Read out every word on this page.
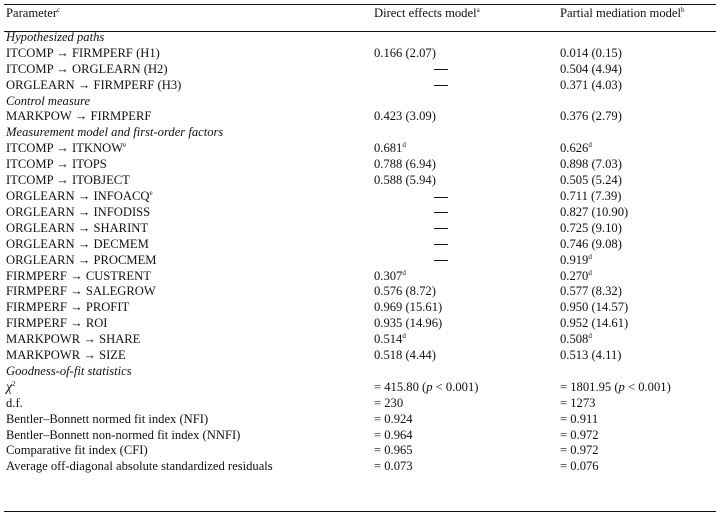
Parameter$^c$	Direct effects model$^a$	Partial mediation model$^b$

Hypothesized paths		
ITCOMP → FIRMPERF (H1)	0.166 (2.07)	0.014 (0.15)
ITCOMP → ORGLEARN (H2)		0.504 (4.94)
ORGLEARN → FIRMPERF (H3)		0.371 (4.03)
Control measure		
MARKPOW → FIRMPERF	0.423 (3.09)	0.376 (2.79)
Measurement model and first-order factors		
ITCOMP → $ITKNOW^e$	0.681$^d$	0.626$^d$
ITCOMP → ITOPS	0.788 (6.94)	0.898 (7.03)
ITCOMP → ITOBJECT	0.588 (5.94)	0.505 (5.24)
ORGLEARN → $INFOACQ^e$		0.711 (7.39)
ORGLEARN → INFODISS		0.827 (10.90)
ORGLEARN → SHARINT		0.725 (9.10)
ORGLEARN → DECMEM		0.746 (9.08)
ORGLEARN → PROCMEM		0.919$^d$
FIRMPERF → CUSTRENT	0.307$^d$	0.270$^d$
FIRMPERF → SALEGROW	0.576 (8.72)	0.577 (8.32)
FIRMPERF → PROFIT	0.969 (15.61)	0.950 (14.57)
FIRMPERF → ROI	0.935 (14.96)	0.952 (14.61)
MARKPOWR → SHARE	0.514$^d$	0.508$^d$
MARKPOWR → SIZE	0.518 (4.44)	0.513 (4.11)
Goodness-of-fit statistics		
$\chi^2$	= 415.80 (p < 0.001)	= 1801.95 (p < 0.001)
d.f.	= 230	= 1273
Bentler–Bonnett normed fit index (NFI)	= 0.924	= 0.911
Bentler–Bonnett non-normed fit index (NNFI)	= 0.964	= 0.972
Comparative fit index (CFI)	= 0.965	= 0.972
Average off-diagonal absolute standardized residuals	= 0.073	= 0.076
